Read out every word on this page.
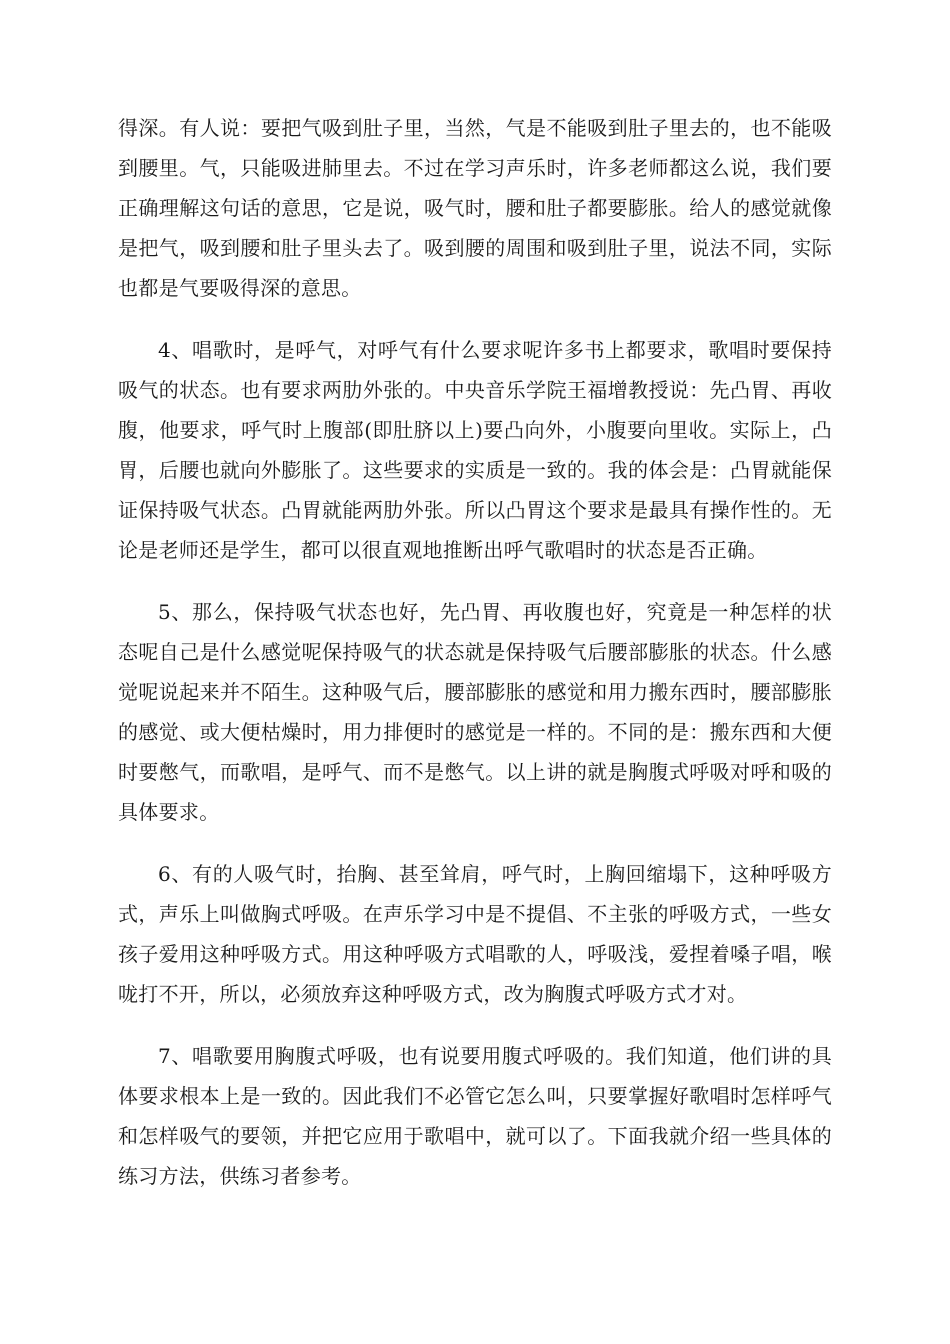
得深。有人说：要把气吸到肚子里，当然，气是不能吸到肚子里去的，也不能吸到腰里。气，只能吸进肺里去。不过在学习声乐时，许多老师都这么说，我们要正确理解这句话的意思，它是说，吸气时，腰和肚子都要膨胀。给人的感觉就像是把气，吸到腰和肚子里头去了。吸到腰的周围和吸到肚子里，说法不同，实际也都是气要吸得深的意思。

4、唱歌时，是呼气，对呼气有什么要求呢许多书上都要求，歌唱时要保持吸气的状态。也有要求两肋外张的。中央音乐学院王福增教授说：先凸胃、再收腹，他要求，呼气时上腹部(即肚脐以上)要凸向外，小腹要向里收。实际上，凸胃，后腰也就向外膨胀了。这些要求的实质是一致的。我的体会是：凸胃就能保证保持吸气状态。凸胃就能两肋外张。所以凸胃这个要求是最具有操作性的。无论是老师还是学生，都可以很直观地推断出呼气歌唱时的状态是否正确。

5、那么，保持吸气状态也好，先凸胃、再收腹也好，究竟是一种怎样的状态呢自己是什么感觉呢保持吸气的状态就是保持吸气后腰部膨胀的状态。什么感觉呢说起来并不陌生。这种吸气后，腰部膨胀的感觉和用力搬东西时，腰部膨胀的感觉、或大便枯燥时，用力排便时的感觉是一样的。不同的是：搬东西和大便时要憋气，而歌唱，是呼气、而不是憋气。以上讲的就是胸腹式呼吸对呼和吸的具体要求。

6、有的人吸气时，抬胸、甚至耸肩，呼气时，上胸回缩塌下，这种呼吸方式，声乐上叫做胸式呼吸。在声乐学习中是不提倡、不主张的呼吸方式，一些女孩子爱用这种呼吸方式。用这种呼吸方式唱歌的人，呼吸浅，爱捏着嗓子唱，喉咙打不开，所以，必须放弃这种呼吸方式，改为胸腹式呼吸方式才对。

7、唱歌要用胸腹式呼吸，也有说要用腹式呼吸的。我们知道，他们讲的具体要求根本上是一致的。因此我们不必管它怎么叫，只要掌握好歌唱时怎样呼气和怎样吸气的要领，并把它应用于歌唱中，就可以了。下面我就介绍一些具体的练习方法，供练习者参考。
